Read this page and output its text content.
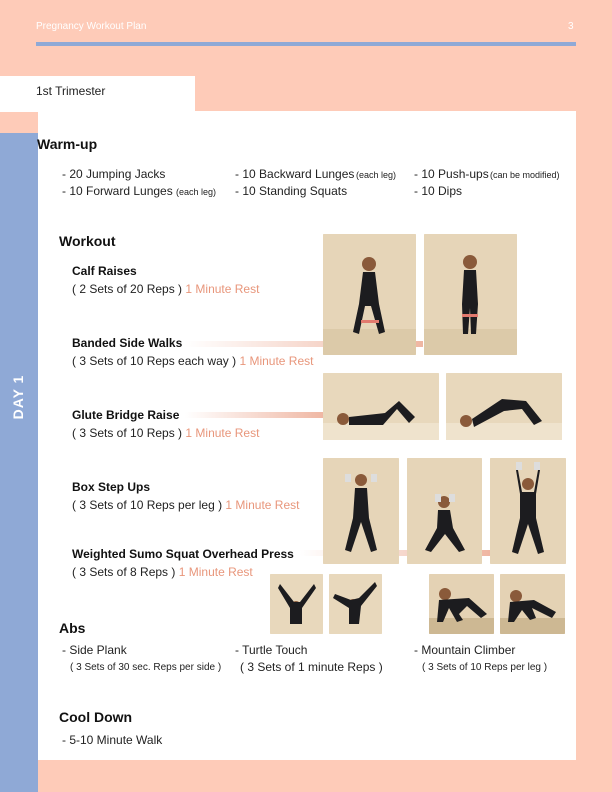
Pregnancy Workout Plan	3
1st Trimester
DAY 1
Warm-up
- 20 Jumping Jacks
- 10 Forward Lunges (each leg)
- 10 Backward Lunges (each leg)
- 10 Standing Squats
- 10 Push-ups (can be modified)
- 10 Dips
Workout
Calf Raises
( 2 Sets of 20 Reps ) 1 Minute Rest
Banded Side Walks
( 3 Sets of 10 Reps each way ) 1 Minute Rest
Glute Bridge Raise
( 3 Sets of 10 Reps ) 1 Minute Rest
Box Step Ups
( 3 Sets of 10 Reps per leg ) 1 Minute Rest
Weighted Sumo Squat Overhead Press
( 3 Sets of 8 Reps ) 1 Minute Rest
Abs
- Side Plank
( 3 Sets of 30 sec. Reps per side )
- Turtle Touch
( 3 Sets of 1 minute Reps )
- Mountain Climber
( 3 Sets of 10 Reps per leg )
Cool Down
- 5-10 Minute Walk
